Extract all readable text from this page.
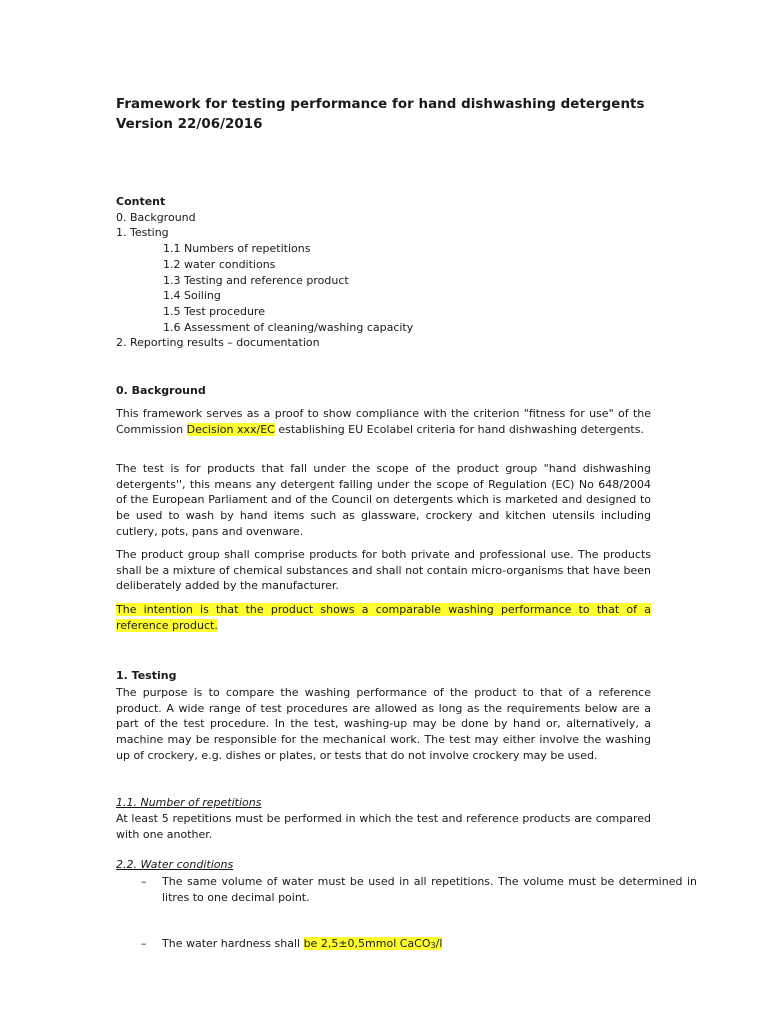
Framework for testing performance for hand dishwashing detergents
Version 22/06/2016
Content
0. Background
1. Testing
1.1 Numbers of repetitions
1.2 water conditions
1.3 Testing and reference product
1.4 Soiling
1.5 Test procedure
1.6 Assessment of cleaning/washing capacity
2. Reporting results – documentation
0. Background
This framework serves as a proof to show compliance with the criterion "fitness for use" of the Commission Decision xxx/EC establishing EU Ecolabel criteria for hand dishwashing detergents.
The test is for products that fall under the scope of the product group "hand dishwashing detergents'', this means any detergent falling under the scope of Regulation (EC) No 648/2004 of the European Parliament and of the Council on detergents which is marketed and designed to be used to wash by hand items such as glassware, crockery and kitchen utensils including cutlery, pots, pans and ovenware.
The product group shall comprise products for both private and professional use. The products shall be a mixture of chemical substances and shall not contain micro-organisms that have been deliberately added by the manufacturer.
The intention is that the product shows a comparable washing performance to that of a reference product.
1. Testing
The purpose is to compare the washing performance of the product to that of a reference product. A wide range of test procedures are allowed as long as the requirements below are a part of the test procedure. In the test, washing-up may be done by hand or, alternatively, a machine may be responsible for the mechanical work. The test may either involve the washing up of crockery, e.g. dishes or plates, or tests that do not involve crockery may be used.
1.1. Number of repetitions
At least 5 repetitions must be performed in which the test and reference products are compared with one another.
2.2. Water conditions
– The same volume of water must be used in all repetitions. The volume must be determined in litres to one decimal point.
– The water hardness shall be 2,5±0,5mmol CaCO$_3$/l
